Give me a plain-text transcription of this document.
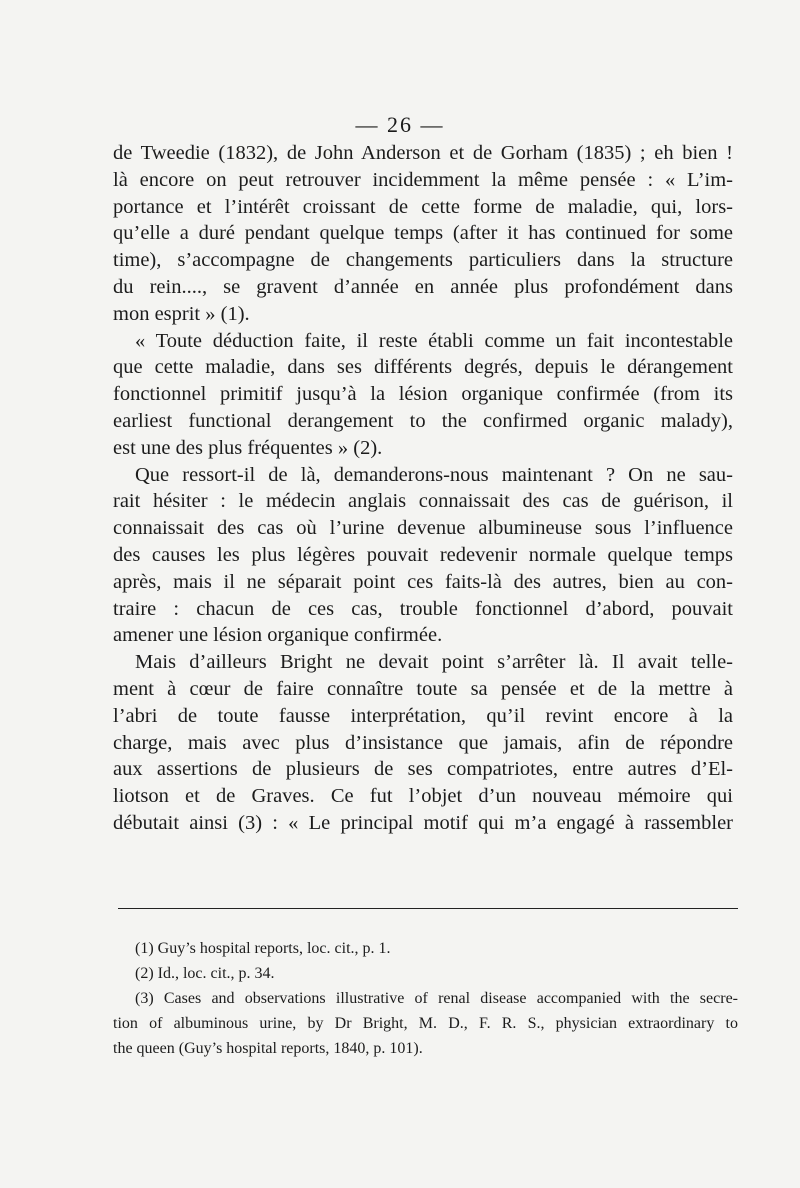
— 26 —
de Tweedie (1832), de John Anderson et de Gorham (1835) ; eh bien !
là encore on peut retrouver incidemment la même pensée : « L’im-
portance et l’intérêt croissant de cette forme de maladie, qui, lors-
qu’elle a duré pendant quelque temps (after it has continued for some
time), s’accompagne de changements particuliers dans la structure
du rein...., se gravent d’année en année plus profondément dans
mon esprit » (1).
« Toute déduction faite, il reste établi comme un fait incontestable
que cette maladie, dans ses différents degrés, depuis le dérangement
fonctionnel primitif jusqu’à la lésion organique confirmée (from its
earliest functional derangement to the confirmed organic malady),
est une des plus fréquentes » (2).
Que ressort-il de là, demanderons-nous maintenant ? On ne sau-
rait hésiter : le médecin anglais connaissait des cas de guérison, il
connaissait des cas où l’urine devenue albumineuse sous l’influence
des causes les plus légères pouvait redevenir normale quelque temps
après, mais il ne séparait point ces faits-là des autres, bien au con-
traire : chacun de ces cas, trouble fonctionnel d’abord, pouvait
amener une lésion organique confirmée.
Mais d’ailleurs Bright ne devait point s’arrêter là. Il avait telle-
ment à cœur de faire connaître toute sa pensée et de la mettre à
l’abri de toute fausse interprétation, qu’il revint encore à la
charge, mais avec plus d’insistance que jamais, afin de répondre
aux assertions de plusieurs de ses compatriotes, entre autres d’El-
liotson et de Graves. Ce fut l’objet d’un nouveau mémoire qui
débutait ainsi (3) : « Le principal motif qui m’a engagé à rassembler
(1) Guy’s hospital reports, loc. cit., p. 1.
(2) Id., loc. cit., p. 34.
(3) Cases and observations illustrative of renal disease accompanied with the secre-
tion of albuminous urine, by Dr Bright, M. D., F. R. S., physician extraordinary to
the queen (Guy’s hospital reports, 1840, p. 101).
